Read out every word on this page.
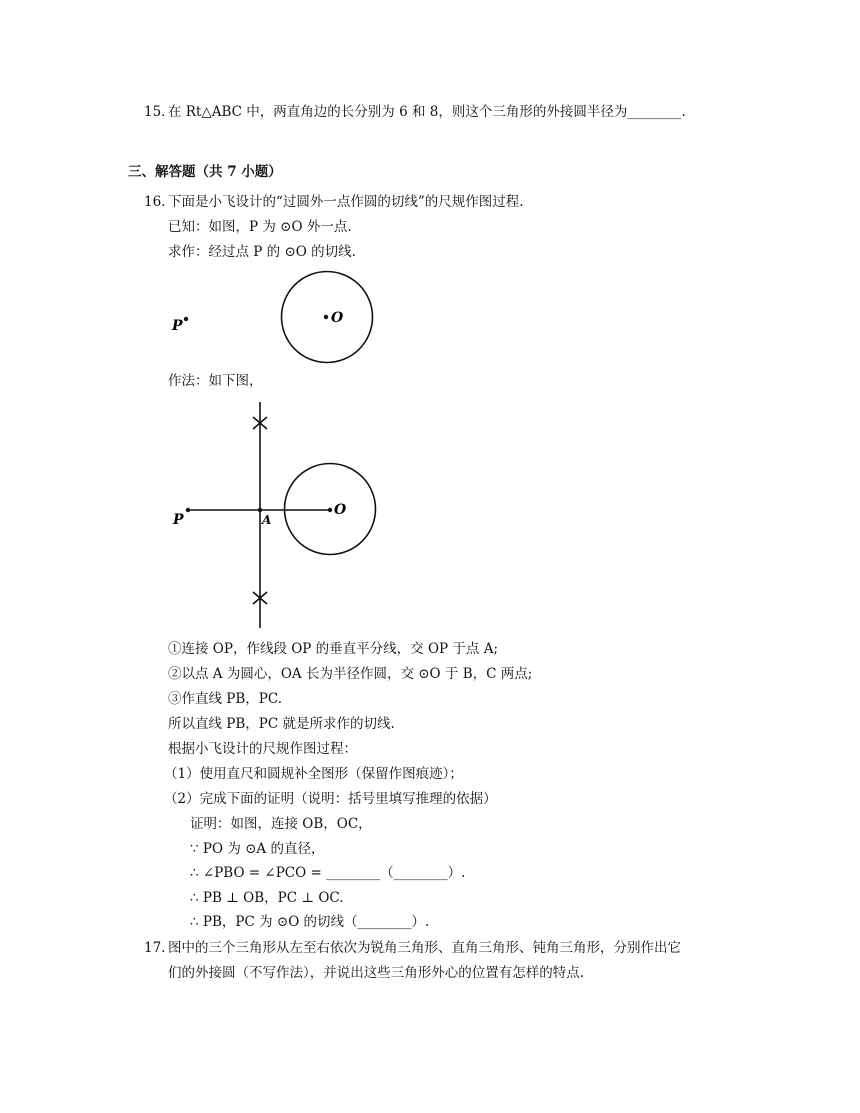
15. 在 Rt△ABC 中，两直角边的长分别为 6 和 8，则这个三角形的外接圆半径为________.
三、解答题（共 7 小题）
16. 下面是小飞设计的“过圆外一点作圆的切线”的尺规作图过程.
已知：如图，P 为 ⊙O 外一点.
求作：经过点 P 的 ⊙O 的切线.
P	O
作法：如下图，
P	A
O
①连接 OP，作线段 OP 的垂直平分线，交 OP 于点 A;
②以点 A 为圆心，OA 长为半径作圆，交 ⊙O 于 B，C 两点;
③作直线 PB，PC.
所以直线 PB，PC 就是所求作的切线.
根据小飞设计的尺规作图过程：
（1）使用直尺和圆规补全图形（保留作图痕迹）；
（2）完成下面的证明（说明：括号里填写推理的依据）
证明：如图，连接 OB，OC，
∵ PO 为 ⊙A 的直径，
∴ ∠PBO = ∠PCO = ________（________）.
∴ PB ⊥ OB，PC ⊥ OC.
∴ PB，PC 为 ⊙O 的切线（________）.
17. 图中的三个三角形从左至右依次为锐角三角形、直角三角形、钝角三角形，分别作出它
们的外接圆（不写作法），并说出这些三角形外心的位置有怎样的特点.
